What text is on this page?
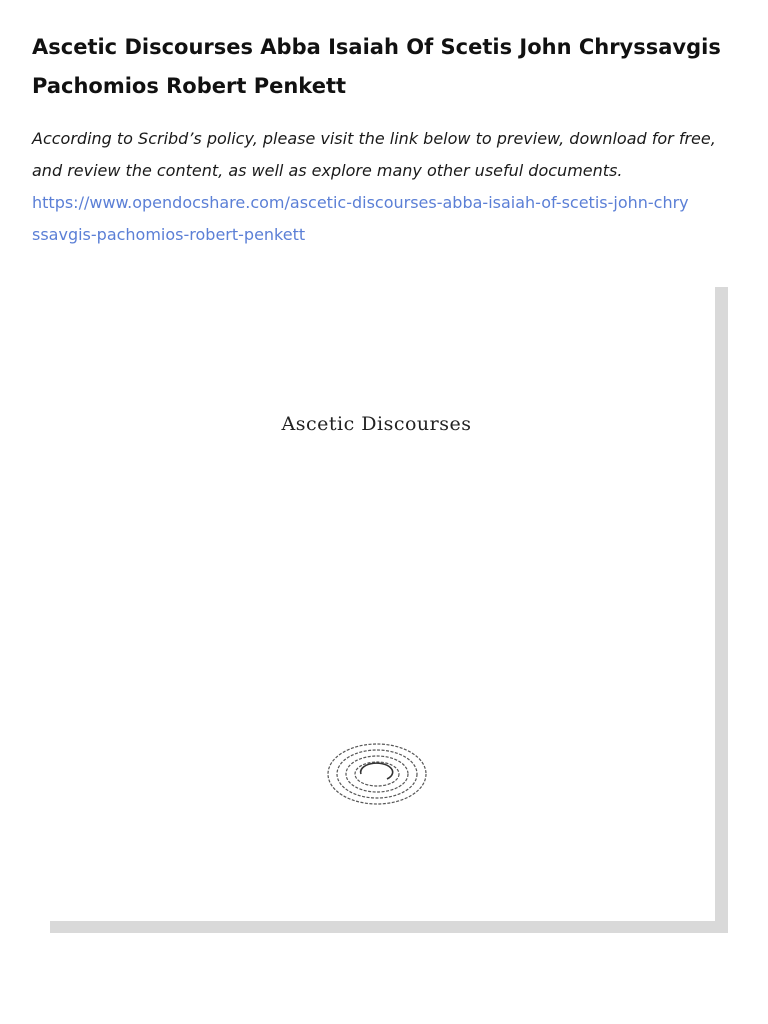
Ascetic Discourses Abba Isaiah Of Scetis John Chryssavgis Pachomios Robert Penkett

According to Scribd’s policy, please visit the link below to preview, download for free, and review the content, as well as explore many other useful documents.

https://www.opendocshare.com/ascetic-discourses-abba-isaiah-of-scetis-john-chryssavgis-pachomios-robert-penkett
Ascetic Discourses
